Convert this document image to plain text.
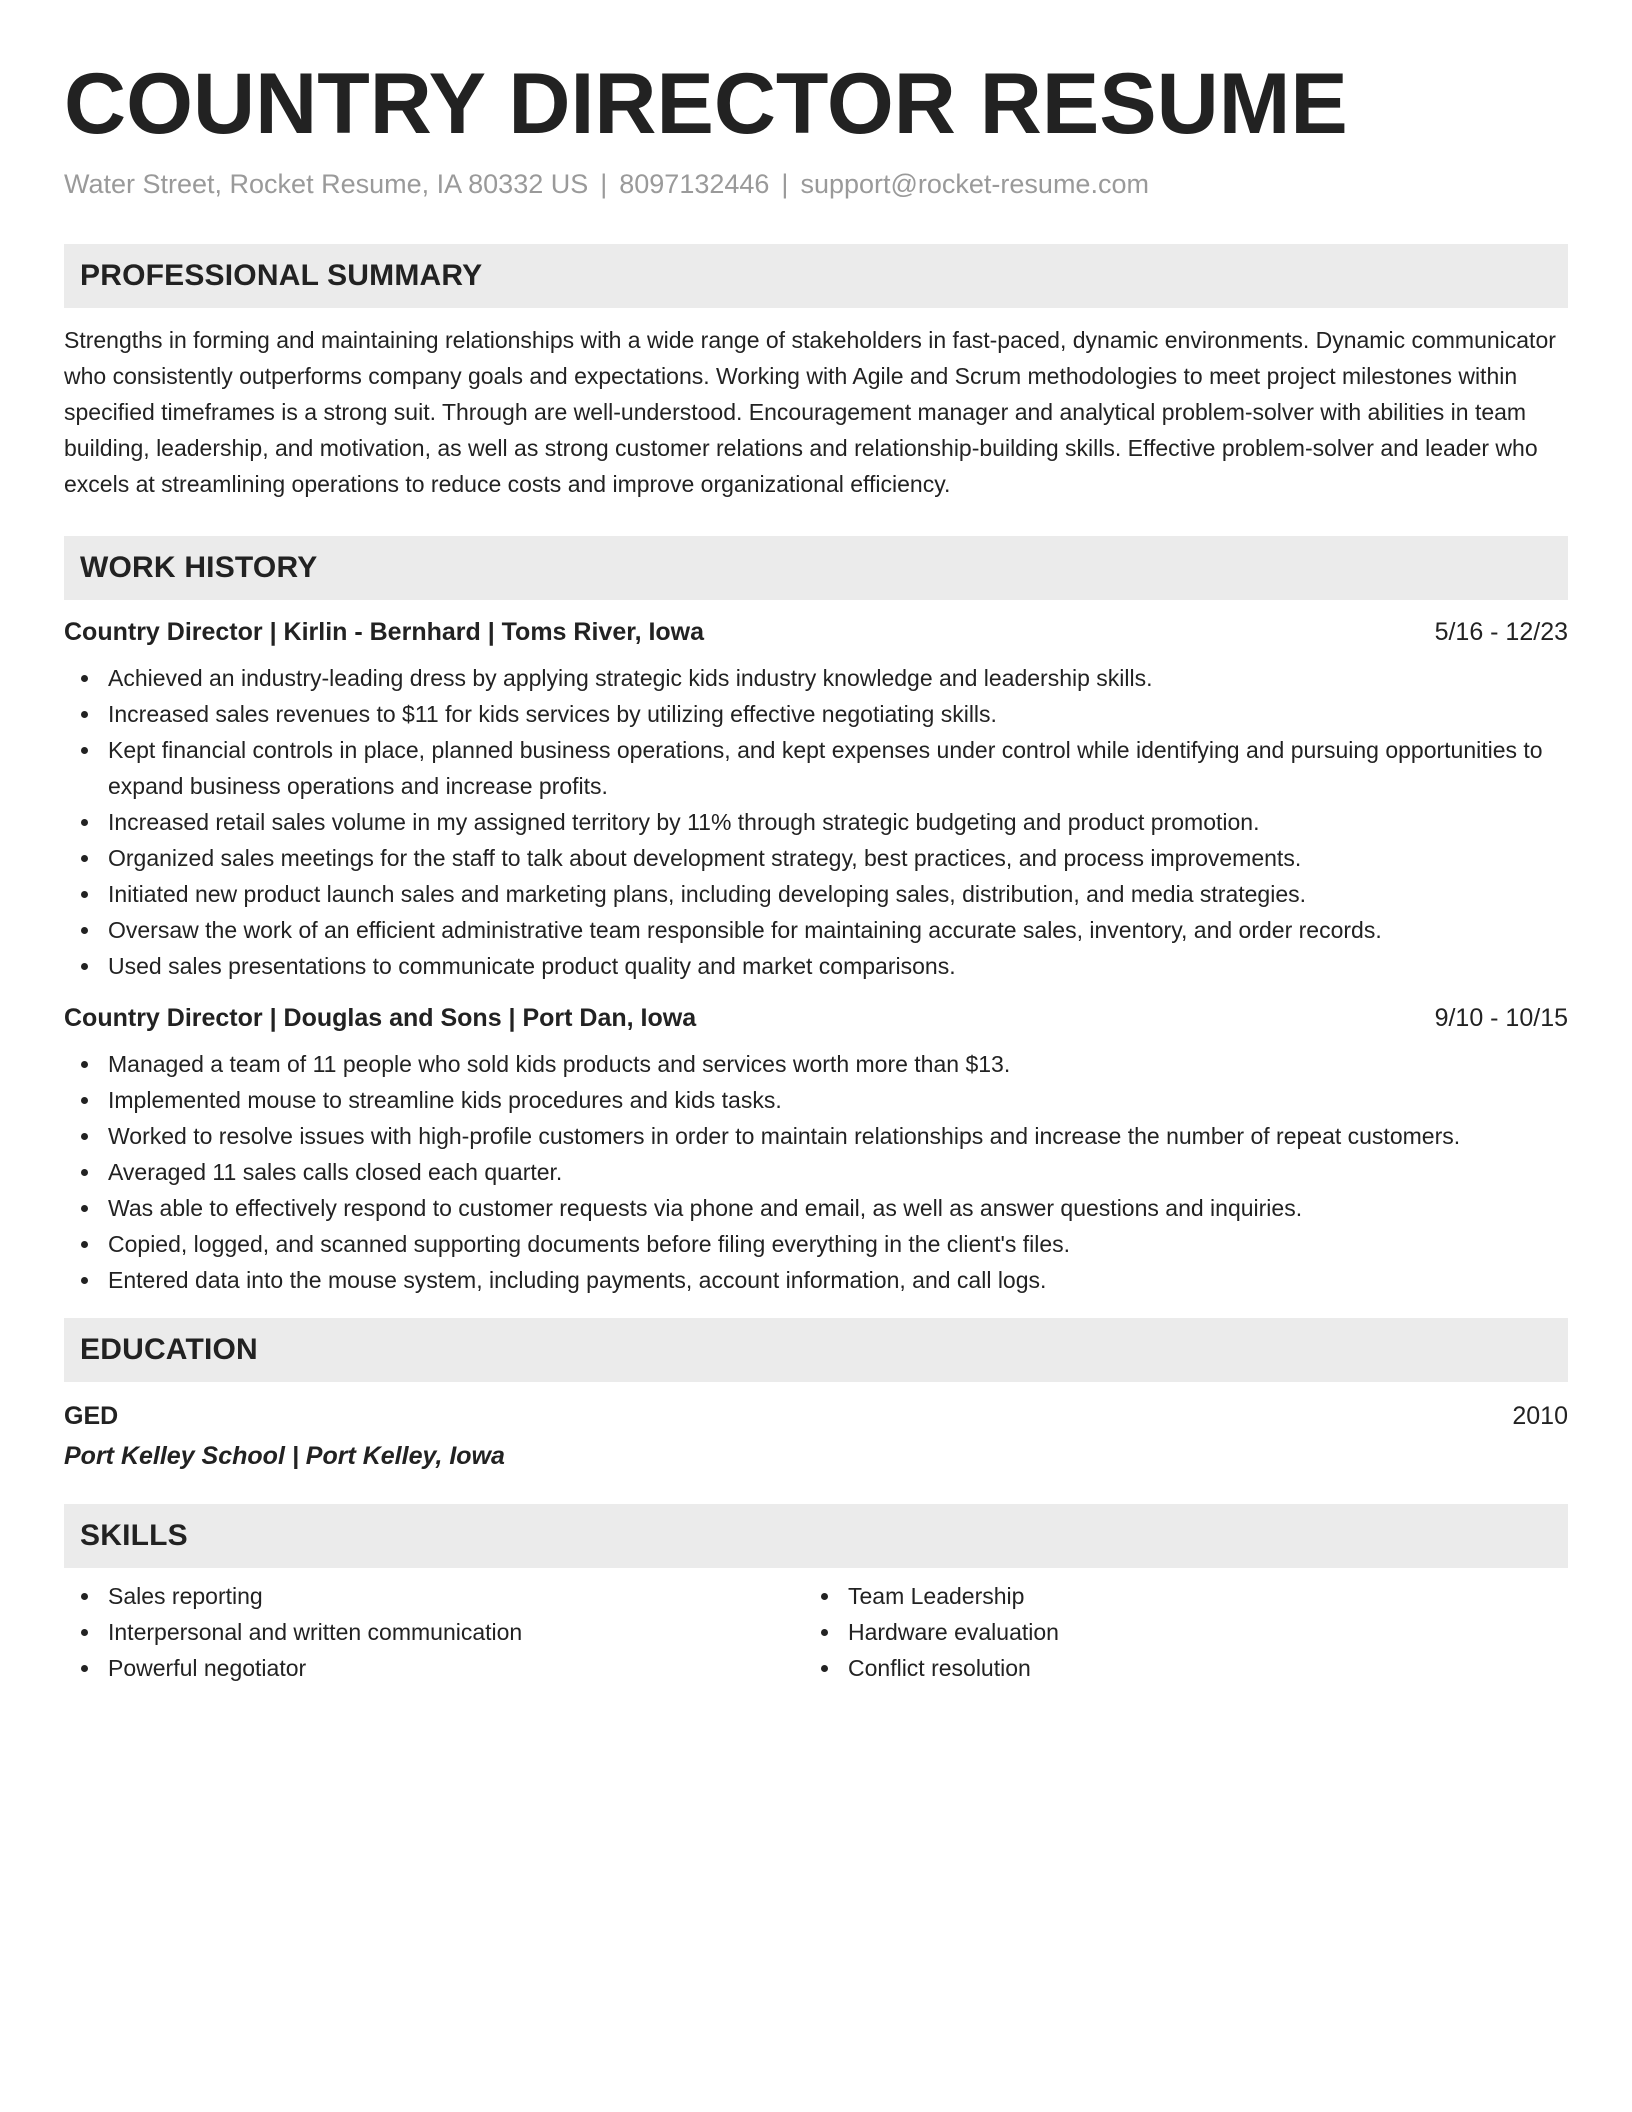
COUNTRY DIRECTOR RESUME
Water Street, Rocket Resume, IA 80332 US | 8097132446 | support@rocket-resume.com
PROFESSIONAL SUMMARY

Strengths in forming and maintaining relationships with a wide range of stakeholders in fast-paced, dynamic environments. Dynamic communicator who consistently outperforms company goals and expectations. Working with Agile and Scrum methodologies to meet project milestones within specified timeframes is a strong suit. Through are well-understood. Encouragement manager and analytical problem-solver with abilities in team building, leadership, and motivation, as well as strong customer relations and relationship-building skills. Effective problem-solver and leader who excels at streamlining operations to reduce costs and improve organizational efficiency.

WORK HISTORY
Country Director | Kirlin - Bernhard | Toms River, Iowa	5/16 - 12/23
Achieved an industry-leading dress by applying strategic kids industry knowledge and leadership skills.
Increased sales revenues to $11 for kids services by utilizing effective negotiating skills.
Kept financial controls in place, planned business operations, and kept expenses under control while identifying and pursuing opportunities to expand business operations and increase profits.
Increased retail sales volume in my assigned territory by 11% through strategic budgeting and product promotion.
Organized sales meetings for the staff to talk about development strategy, best practices, and process improvements.
Initiated new product launch sales and marketing plans, including developing sales, distribution, and media strategies.
Oversaw the work of an efficient administrative team responsible for maintaining accurate sales, inventory, and order records.
Used sales presentations to communicate product quality and market comparisons.
Country Director | Douglas and Sons | Port Dan, Iowa	9/10 - 10/15
Managed a team of 11 people who sold kids products and services worth more than $13.
Implemented mouse to streamline kids procedures and kids tasks.
Worked to resolve issues with high-profile customers in order to maintain relationships and increase the number of repeat customers.
Averaged 11 sales calls closed each quarter.
Was able to effectively respond to customer requests via phone and email, as well as answer questions and inquiries.
Copied, logged, and scanned supporting documents before filing everything in the client's files.
Entered data into the mouse system, including payments, account information, and call logs.
EDUCATION
GED	2010
Port Kelley School | Port Kelley, Iowa
SKILLS
Sales reporting
Interpersonal and written communication
Powerful negotiator
Team Leadership
Hardware evaluation
Conflict resolution
